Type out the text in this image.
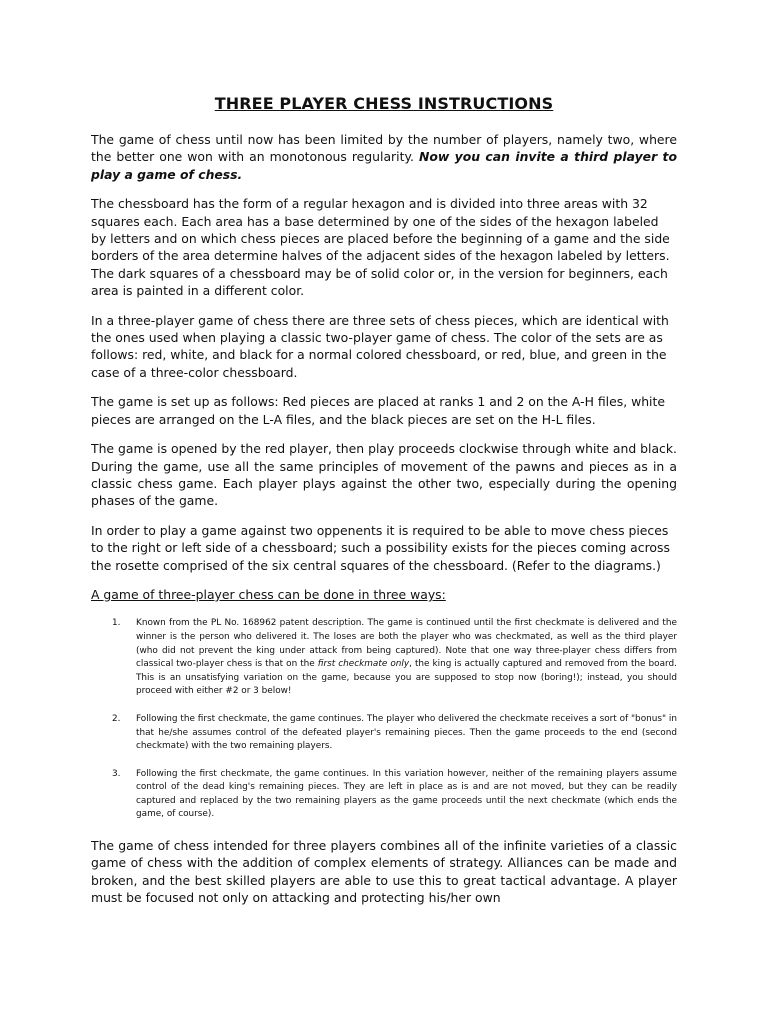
THREE PLAYER CHESS INSTRUCTIONS

The game of chess until now has been limited by the number of players, namely two, where the better one won with an monotonous regularity. Now you can invite a third player to play a game of chess.

The chessboard has the form of a regular hexagon and is divided into three areas with 32 squares each. Each area has a base determined by one of the sides of the hexagon labeled by letters and on which chess pieces are placed before the beginning of a game and the side borders of the area determine halves of the adjacent sides of the hexagon labeled by letters. The dark squares of a chessboard may be of solid color or, in the version for beginners, each area is painted in a different color.

In a three-player game of chess there are three sets of chess pieces, which are identical with the ones used when playing a classic two-player game of chess. The color of the sets are as follows: red, white, and black for a normal colored chessboard, or red, blue, and green in the case of a three-color chessboard.

The game is set up as follows: Red pieces are placed at ranks 1 and 2 on the A-H files, white pieces are arranged on the L-A files, and the black pieces are set on the H-L files.

The game is opened by the red player, then play proceeds clockwise through white and black. During the game, use all the same principles of movement of the pawns and pieces as in a classic chess game. Each player plays against the other two, especially during the opening phases of the game.

In order to play a game against two oppenents it is required to be able to move chess pieces to the right or left side of a chessboard; such a possibility exists for the pieces coming across the rosette comprised of the six central squares of the chessboard. (Refer to the diagrams.)

A game of three-player chess can be done in three ways:
1. Known from the PL No. 168962 patent description. The game is continued until the first checkmate is delivered and the winner is the person who delivered it. The loses are both the player who was checkmated, as well as the third player (who did not prevent the king under attack from being captured). Note that one way three-player chess differs from classical two-player chess is that on the first checkmate only, the king is actually captured and removed from the board. This is an unsatisfying variation on the game, because you are supposed to stop now (boring!); instead, you should proceed with either #2 or 3 below!
2. Following the first checkmate, the game continues. The player who delivered the checkmate receives a sort of "bonus" in that he/she assumes control of the defeated player's remaining pieces. Then the game proceeds to the end (second checkmate) with the two remaining players.
3. Following the first checkmate, the game continues. In this variation however, neither of the remaining players assume control of the dead king's remaining pieces. They are left in place as is and are not moved, but they can be readily captured and replaced by the two remaining players as the game proceeds until the next checkmate (which ends the game, of course).

The game of chess intended for three players combines all of the infinite varieties of a classic game of chess with the addition of complex elements of strategy. Alliances can be made and broken, and the best skilled players are able to use this to great tactical advantage. A player must be focused not only on attacking and protecting his/her own
